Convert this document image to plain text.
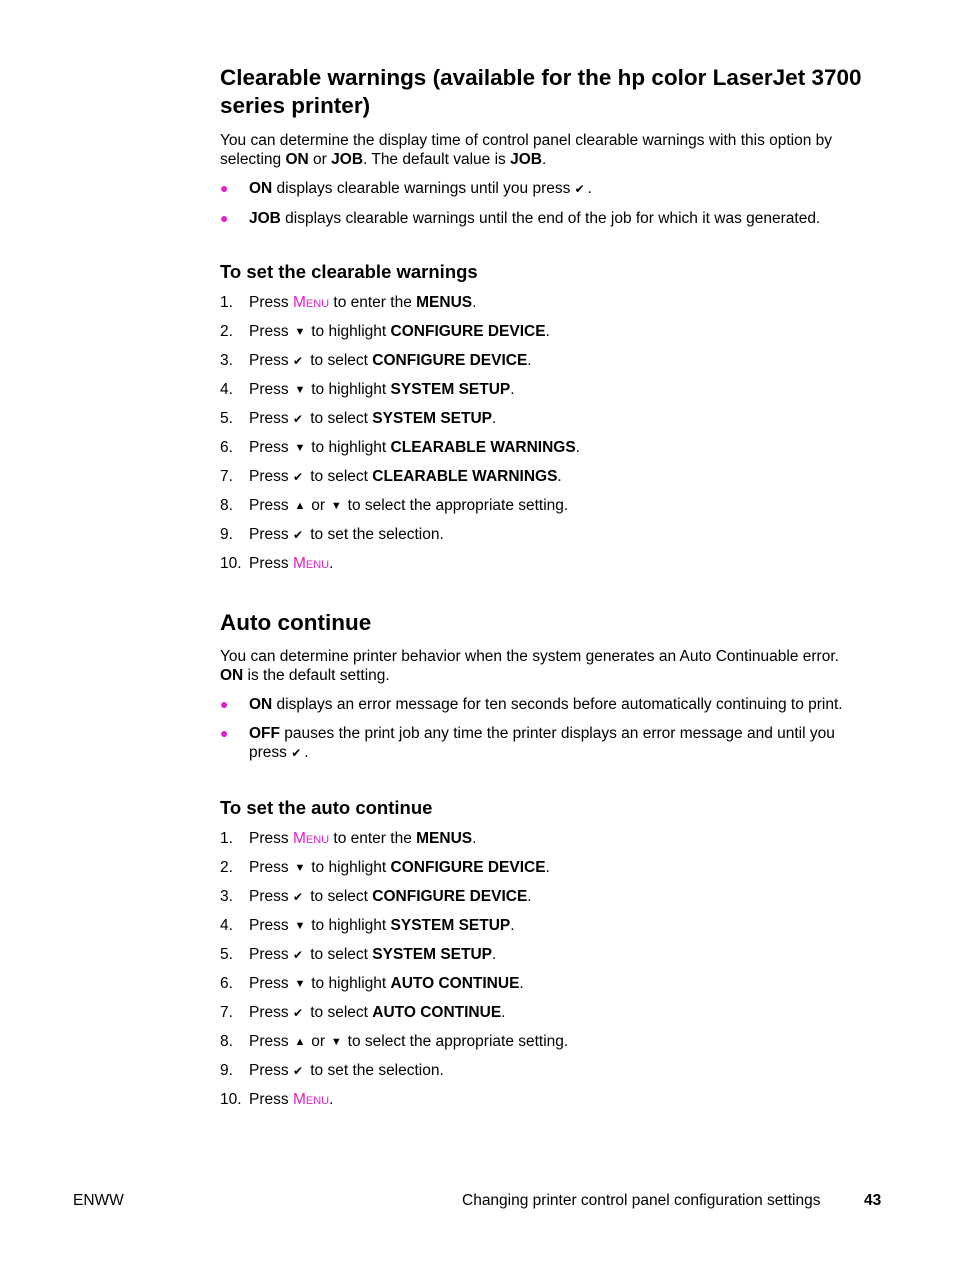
Clearable warnings (available for the hp color LaserJet 3700 series printer)

You can determine the display time of control panel clearable warnings with this option by selecting ON or JOB. The default value is JOB.

● ON displays clearable warnings until you press ✔ .
● JOB displays clearable warnings until the end of the job for which it was generated.
To set the clearable warnings
1. Press MENU to enter the MENUS.
2. Press ▼ to highlight CONFIGURE DEVICE.
3. Press ✔ to select CONFIGURE DEVICE.
4. Press ▼ to highlight SYSTEM SETUP.
5. Press ✔ to select SYSTEM SETUP.
6. Press ▼ to highlight CLEARABLE WARNINGS.
7. Press ✔ to select CLEARABLE WARNINGS.
8. Press ▲ or ▼ to select the appropriate setting.
9. Press ✔ to set the selection.
10. Press MENU.
Auto continue

You can determine printer behavior when the system generates an Auto Continuable error.
ON is the default setting.

● ON displays an error message for ten seconds before automatically continuing to print.
● OFF pauses the print job any time the printer displays an error message and until you press ✔ .
To set the auto continue
1. Press MENU to enter the MENUS.
2. Press ▼ to highlight CONFIGURE DEVICE.
3. Press ✔ to select CONFIGURE DEVICE.
4. Press ▼ to highlight SYSTEM SETUP.
5. Press ✔ to select SYSTEM SETUP.
6. Press ▼ to highlight AUTO CONTINUE.
7. Press ✔ to select AUTO CONTINUE.
8. Press ▲ or ▼ to select the appropriate setting.
9. Press ✔ to set the selection.
10. Press MENU.
ENWW	Changing printer control panel configuration settings	43
